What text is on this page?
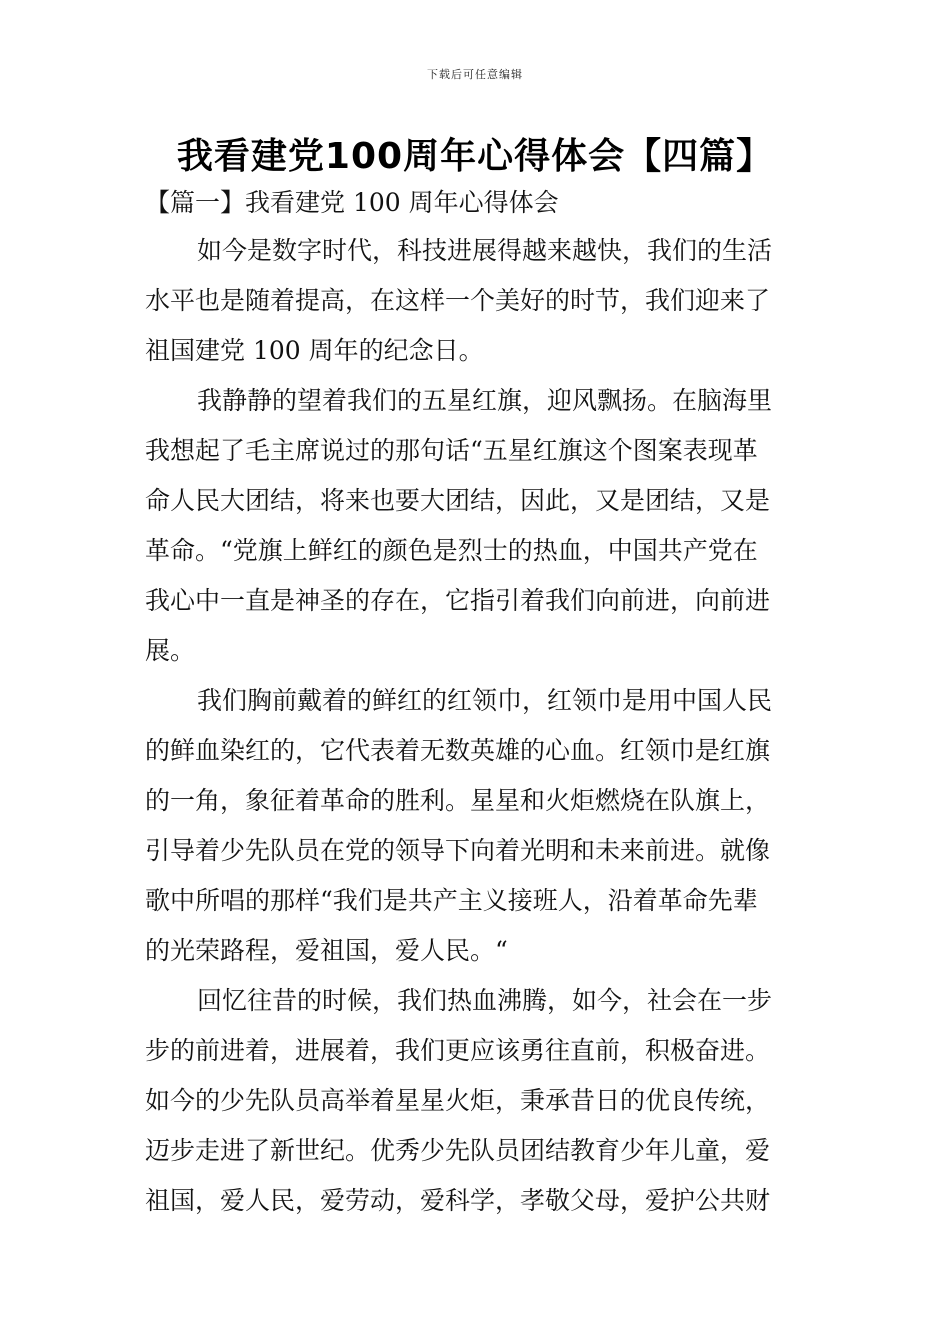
下载后可任意编辑
我看建党100周年心得体会【四篇】
【篇一】我看建党 100 周年心得体会
如今是数字时代，科技进展得越来越快，我们的生活
水平也是随着提高，在这样一个美好的时节，我们迎来了
祖国建党 100 周年的纪念日。
我静静的望着我们的五星红旗，迎风飘扬。在脑海里
我想起了毛主席说过的那句话“五星红旗这个图案表现革
命人民大团结，将来也要大团结，因此，又是团结，又是
革命。“党旗上鲜红的颜色是烈士的热血，中国共产党在
我心中一直是神圣的存在，它指引着我们向前进，向前进
展。
我们胸前戴着的鲜红的红领巾，红领巾是用中国人民
的鲜血染红的，它代表着无数英雄的心血。红领巾是红旗
的一角，象征着革命的胜利。星星和火炬燃烧在队旗上，
引导着少先队员在党的领导下向着光明和未来前进。就像
歌中所唱的那样“我们是共产主义接班人，沿着革命先辈
的光荣路程，爱祖国，爱人民。“
回忆往昔的时候，我们热血沸腾，如今，社会在一步
步的前进着，进展着，我们更应该勇往直前，积极奋进。
如今的少先队员高举着星星火炬，秉承昔日的优良传统，
迈步走进了新世纪。优秀少先队员团结教育少年儿童，爱
祖国，爱人民，爱劳动，爱科学，孝敬父母，爱护公共财
